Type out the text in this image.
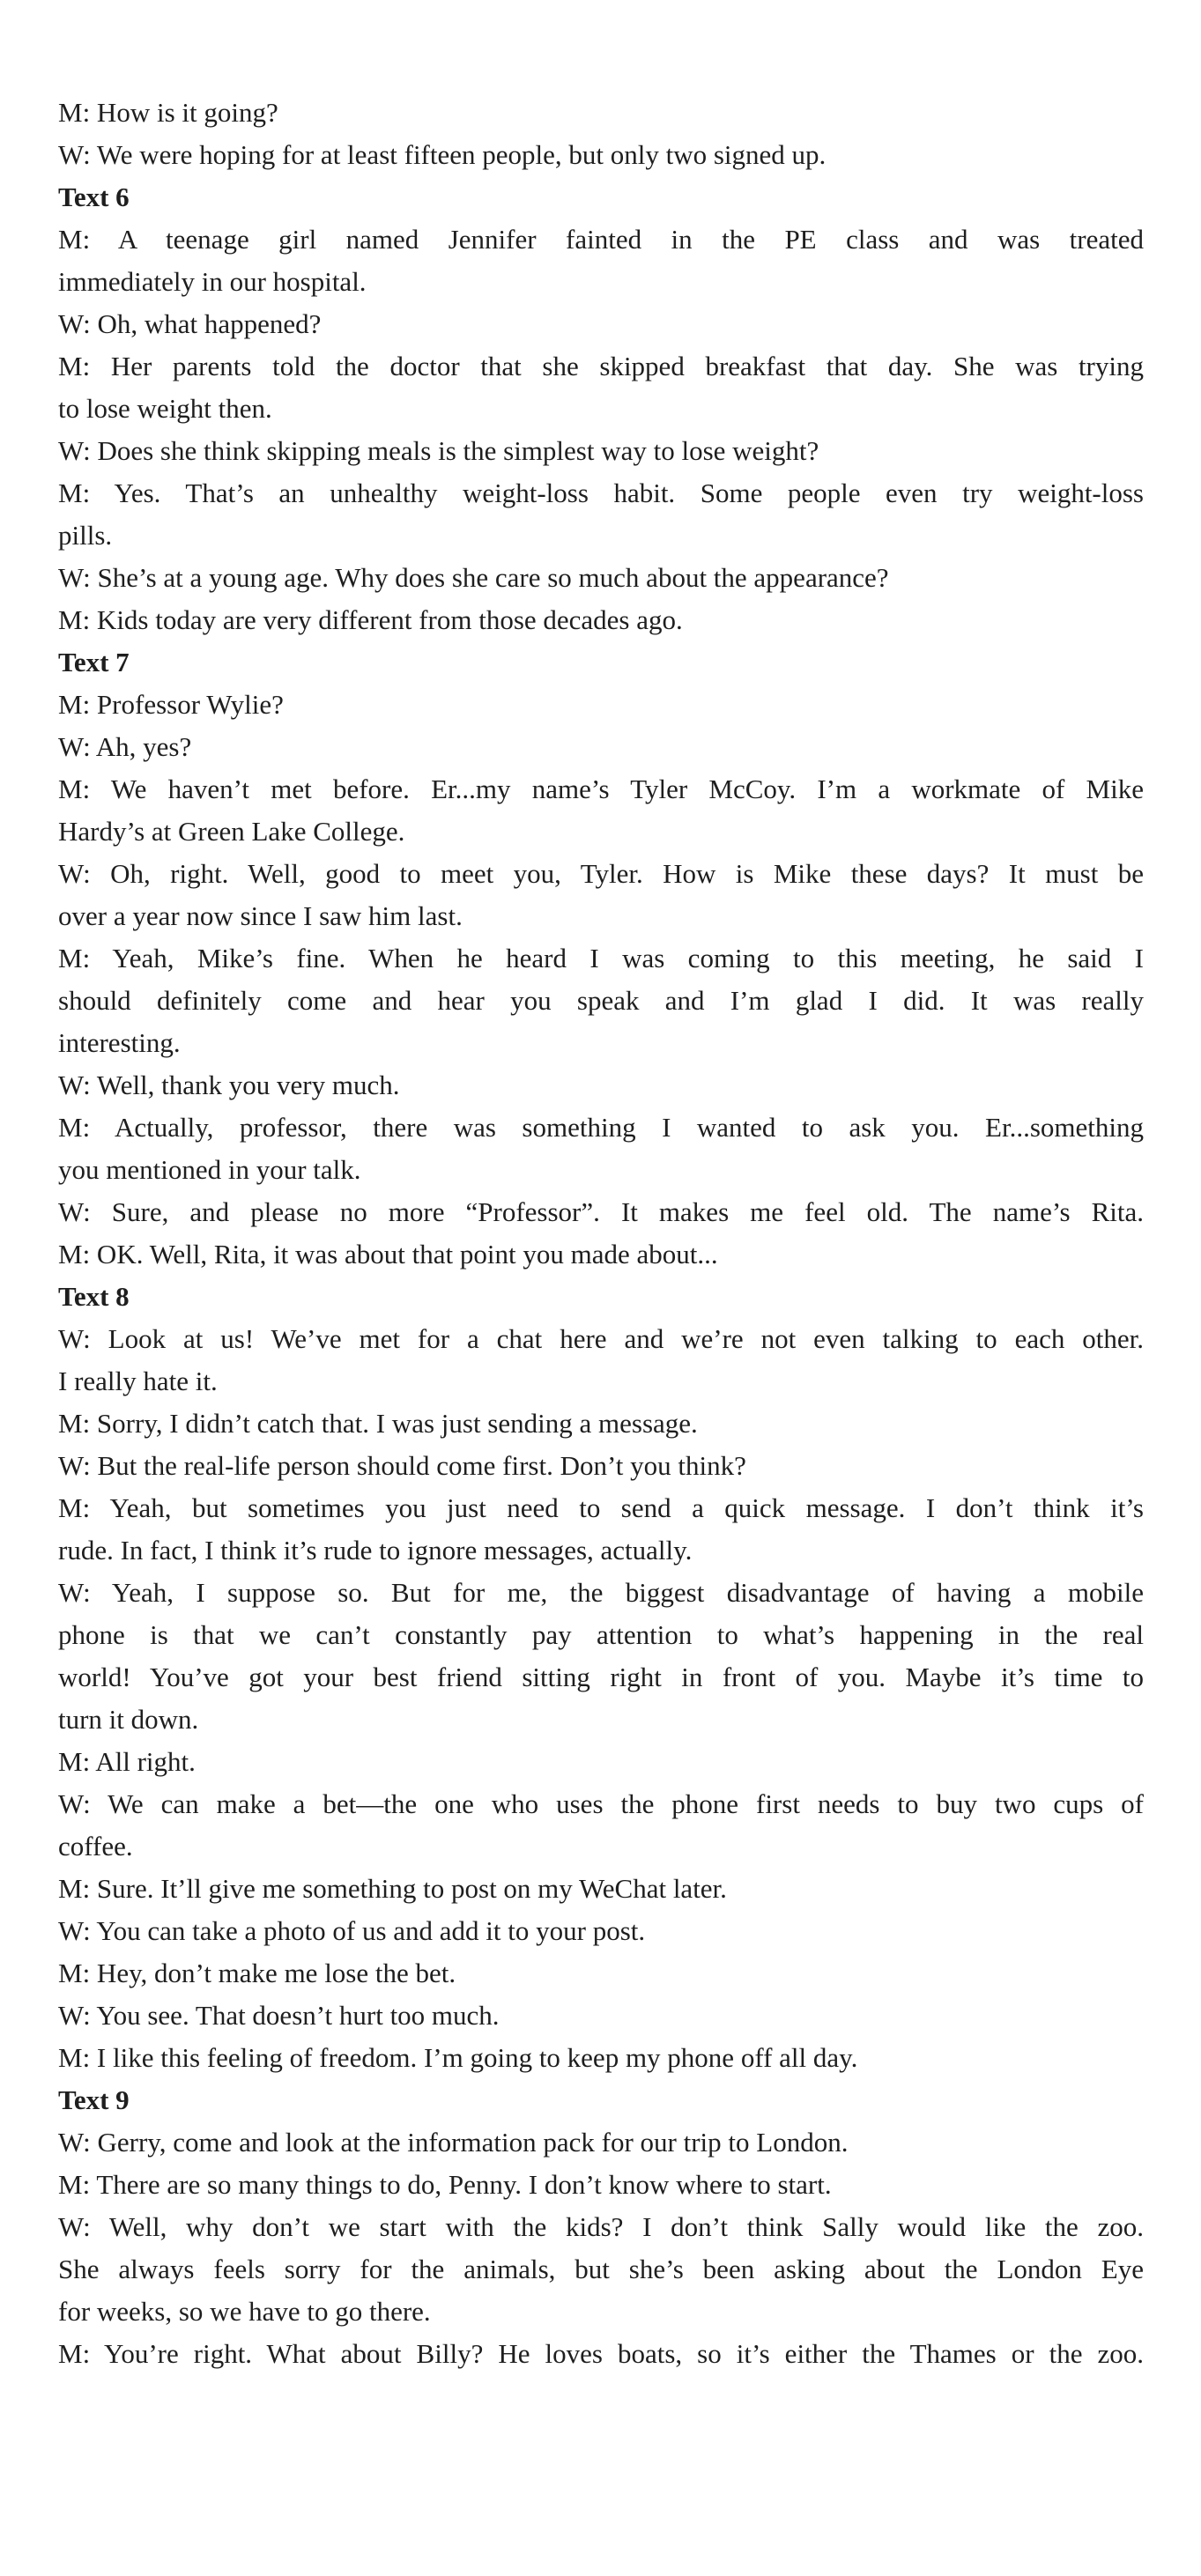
M: How is it going?
W: We were hoping for at least fifteen people, but only two signed up.
Text 6
M: A teenage girl named Jennifer fainted in the PE class and was treated
immediately in our hospital.
W: Oh, what happened?
M: Her parents told the doctor that she skipped breakfast that day. She was trying
to lose weight then.
W: Does she think skipping meals is the simplest way to lose weight?
M: Yes. That’s an unhealthy weight-loss habit. Some people even try weight-loss
pills.
W: She’s at a young age. Why does she care so much about the appearance?
M: Kids today are very different from those decades ago.
Text 7
M: Professor Wylie?
W: Ah, yes?
M: We haven’t met before. Er...my name’s Tyler McCoy. I’m a workmate of Mike
Hardy’s at Green Lake College.
W: Oh, right. Well, good to meet you, Tyler. How is Mike these days? It must be
over a year now since I saw him last.
M: Yeah, Mike’s fine. When he heard I was coming to this meeting, he said I
should definitely come and hear you speak and I’m glad I did. It was really
interesting.
W: Well, thank you very much.
M: Actually, professor, there was something I wanted to ask you. Er...something
you mentioned in your talk.
W: Sure, and please no more “Professor”. It makes me feel old. The name’s Rita.
M: OK. Well, Rita, it was about that point you made about...
Text 8
W: Look at us! We’ve met for a chat here and we’re not even talking to each other.
I really hate it.
M: Sorry, I didn’t catch that. I was just sending a message.
W: But the real-life person should come first. Don’t you think?
M: Yeah, but sometimes you just need to send a quick message. I don’t think it’s
rude. In fact, I think it’s rude to ignore messages, actually.
W: Yeah, I suppose so. But for me, the biggest disadvantage of having a mobile
phone is that we can’t constantly pay attention to what’s happening in the real
world! You’ve got your best friend sitting right in front of you. Maybe it’s time to
turn it down.
M: All right.
W: We can make a bet—the one who uses the phone first needs to buy two cups of
coffee.
M: Sure. It’ll give me something to post on my WeChat later.
W: You can take a photo of us and add it to your post.
M: Hey, don’t make me lose the bet.
W: You see. That doesn’t hurt too much.
M: I like this feeling of freedom. I’m going to keep my phone off all day.
Text 9
W: Gerry, come and look at the information pack for our trip to London.
M: There are so many things to do, Penny. I don’t know where to start.
W: Well, why don’t we start with the kids? I don’t think Sally would like the zoo.
She always feels sorry for the animals, but she’s been asking about the London Eye
for weeks, so we have to go there.
M: You’re right. What about Billy? He loves boats, so it’s either the Thames or the zoo.
